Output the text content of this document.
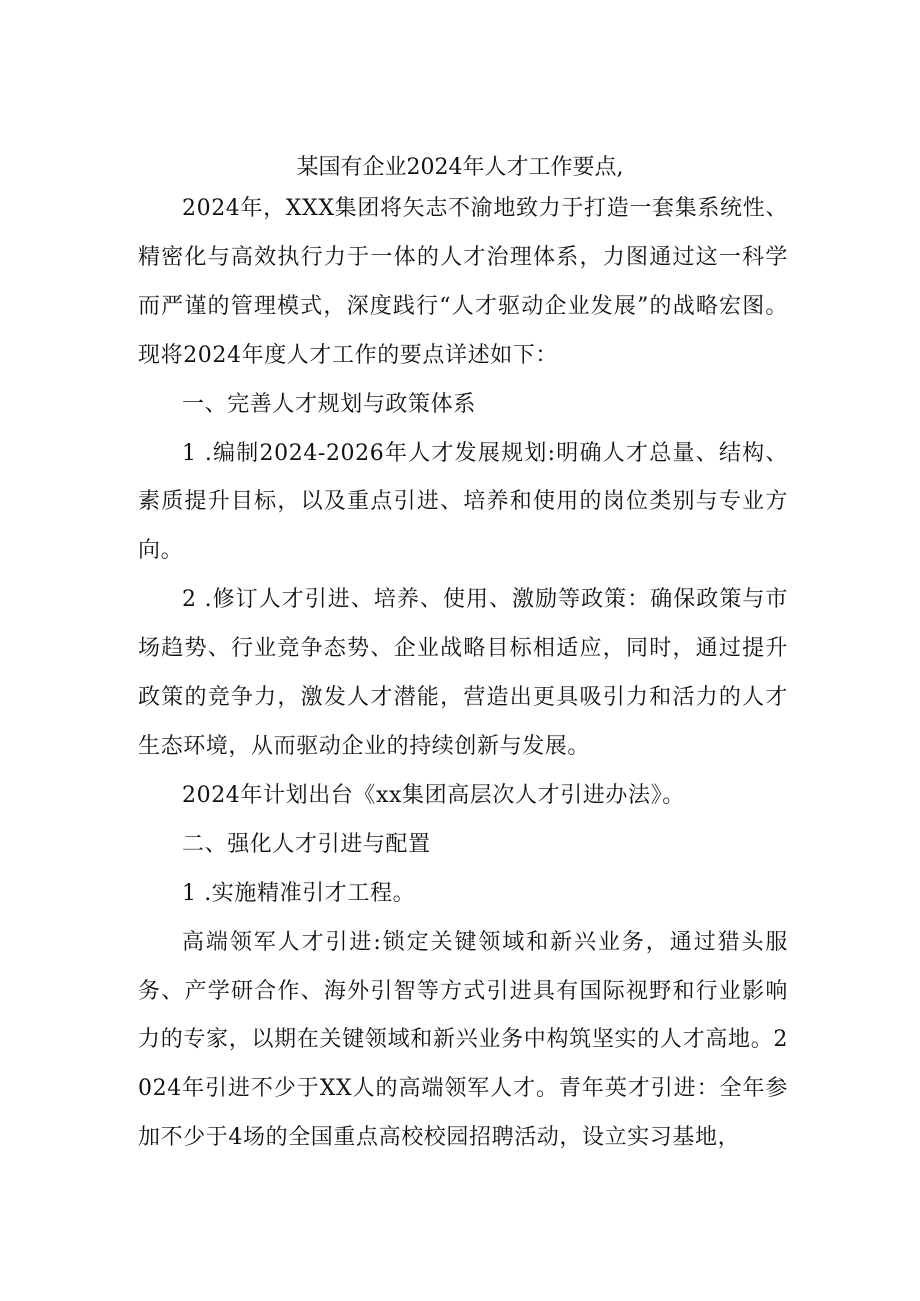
某国有企业2024年人才工作要点,

2024年，XXX集团将矢志不渝地致力于打造一套集系统性、精密化与高效执行力于一体的人才治理体系，力图通过这一科学而严谨的管理模式，深度践行“人才驱动企业发展”的战略宏图。现将2024年度人才工作的要点详述如下：

一、完善人才规划与政策体系

1 .编制2024-2026年人才发展规划:明确人才总量、结构、素质提升目标，以及重点引进、培养和使用的岗位类别与专业方向。

2 .修订人才引进、培养、使用、激励等政策：确保政策与市场趋势、行业竞争态势、企业战略目标相适应，同时，通过提升政策的竞争力，激发人才潜能，营造出更具吸引力和活力的人才生态环境，从而驱动企业的持续创新与发展。

2024年计划出台《xx集团高层次人才引进办法》。

二、强化人才引进与配置

1 .实施精准引才工程。

高端领军人才引进:锁定关键领域和新兴业务，通过猎头服务、产学研合作、海外引智等方式引进具有国际视野和行业影响力的专家，以期在关键领域和新兴业务中构筑坚实的人才高地。2024年引进不少于XX人的高端领军人才。青年英才引进：全年参加不少于4场的全国重点高校校园招聘活动，设立实习基地，
